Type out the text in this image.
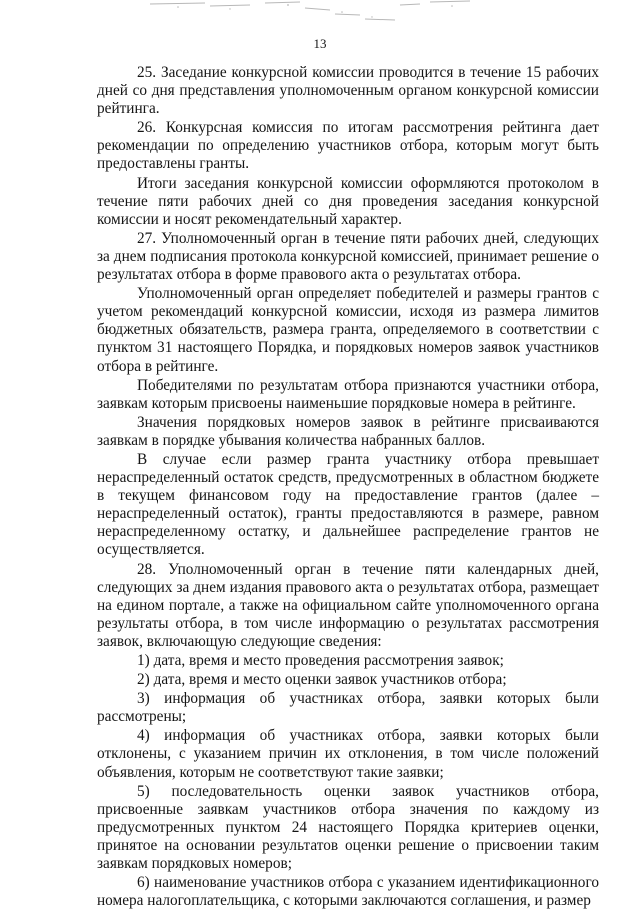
13

25. Заседание конкурсной комиссии проводится в течение 15 рабочих дней со дня представления уполномоченным органом конкурсной комиссии рейтинга.

26. Конкурсная комиссия по итогам рассмотрения рейтинга дает рекомендации по определению участников отбора, которым могут быть предоставлены гранты.

Итоги заседания конкурсной комиссии оформляются протоколом в течение пяти рабочих дней со дня проведения заседания конкурсной комиссии и носят рекомендательный характер.

27. Уполномоченный орган в течение пяти рабочих дней, следующих за днем подписания протокола конкурсной комиссией, принимает решение о результатах отбора в форме правового акта о результатах отбора.

Уполномоченный орган определяет победителей и размеры грантов с учетом рекомендаций конкурсной комиссии, исходя из размера лимитов бюджетных обязательств, размера гранта, определяемого в соответствии с пунктом 31 настоящего Порядка, и порядковых номеров заявок участников отбора в рейтинге.

Победителями по результатам отбора признаются участники отбора, заявкам которым присвоены наименьшие порядковые номера в рейтинге.

Значения порядковых номеров заявок в рейтинге присваиваются заявкам в порядке убывания количества набранных баллов.

В случае если размер гранта участнику отбора превышает нераспределенный остаток средств, предусмотренных в областном бюджете в текущем финансовом году на предоставление грантов (далее – нераспределенный остаток), гранты предоставляются в размере, равном нераспределенному остатку, и дальнейшее распределение грантов не осуществляется.

28. Уполномоченный орган в течение пяти календарных дней, следующих за днем издания правового акта о результатах отбора, размещает на едином портале, а также на официальном сайте уполномоченного органа результаты отбора, в том числе информацию о результатах рассмотрения заявок, включающую следующие сведения:

1) дата, время и место проведения рассмотрения заявок;

2) дата, время и место оценки заявок участников отбора;

3) информация об участниках отбора, заявки которых были рассмотрены;

4) информация об участниках отбора, заявки которых были отклонены, с указанием причин их отклонения, в том числе положений объявления, которым не соответствуют такие заявки;

5) последовательность оценки заявок участников отбора, присвоенные заявкам участников отбора значения по каждому из предусмотренных пунктом 24 настоящего Порядка критериев оценки, принятое на основании результатов оценки решение о присвоении таким заявкам порядковых номеров;

6) наименование участников отбора с указанием идентификационного номера налогоплательщика, с которыми заключаются соглашения, и размер
